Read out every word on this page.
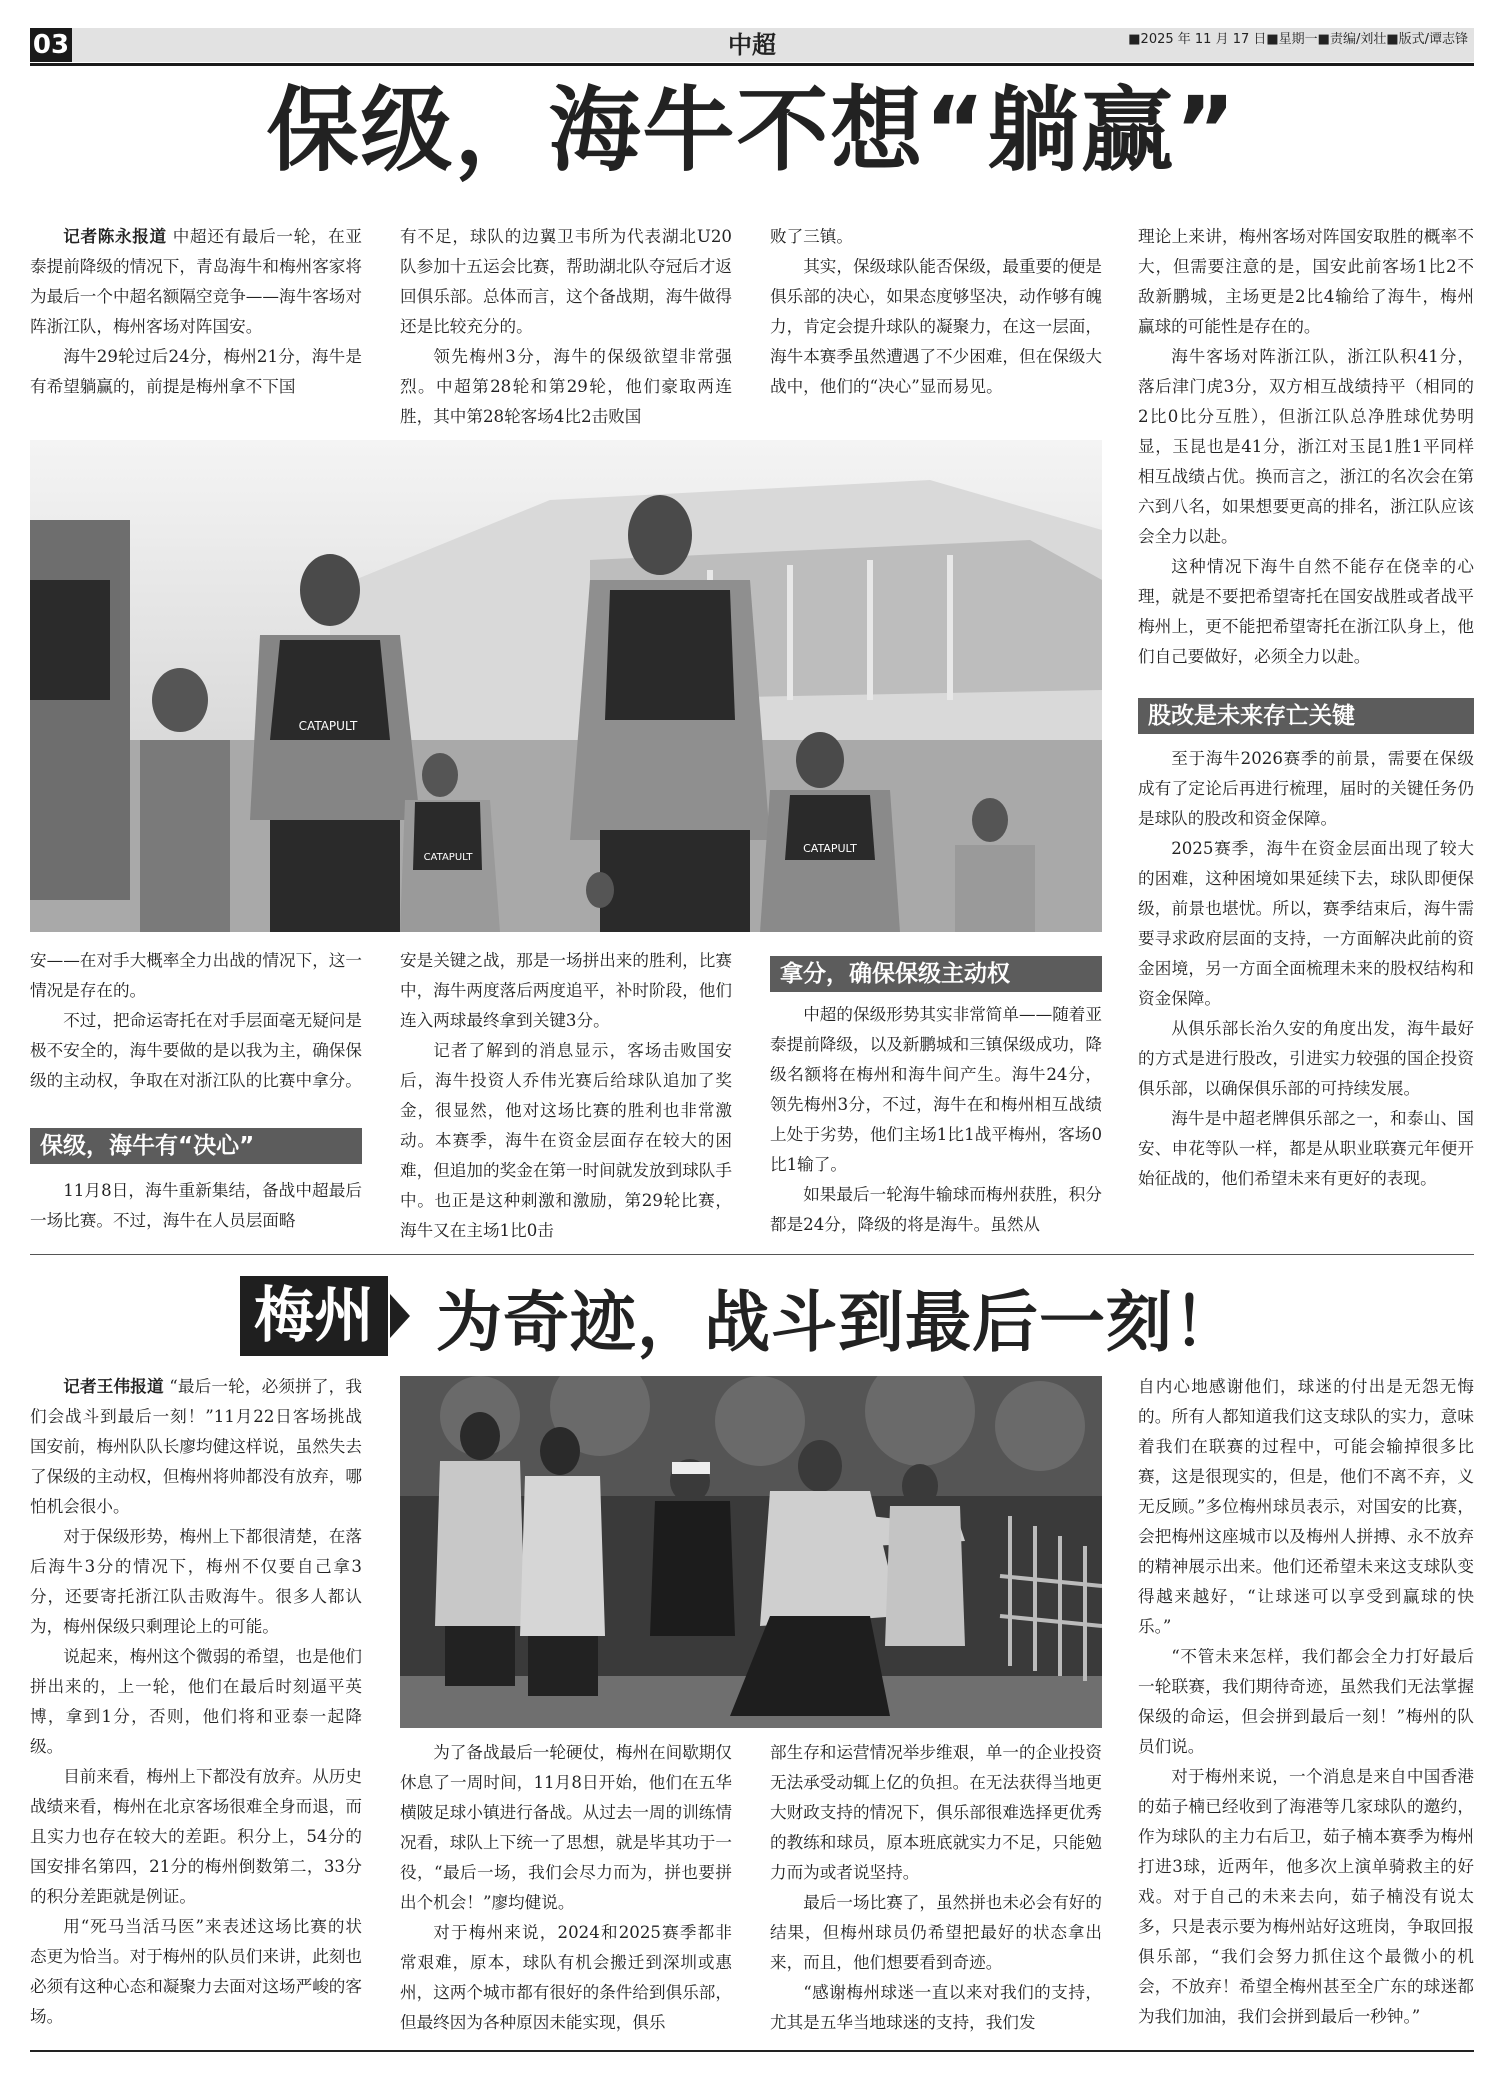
中超
03	■2025 年 11 月 17 日■星期一■责编/刘壮■版式/谭志锋
保级，海牛不想“躺赢”

记者陈永报道 中超还有最后一轮，在亚泰提前降级的情况下，青岛海牛和梅州客家将为最后一个中超名额隔空竞争——海牛客场对阵浙江队，梅州客场对阵国安。

海牛29轮过后24分，梅州21分，海牛是有希望躺赢的，前提是梅州拿不下国

有不足，球队的边翼卫韦所为代表湖北U20队参加十五运会比赛，帮助湖北队夺冠后才返回俱乐部。总体而言，这个备战期，海牛做得还是比较充分的。

领先梅州3分，海牛的保级欲望非常强烈。中超第28轮和第29轮，他们豪取两连胜，其中第28轮客场4比2击败国

败了三镇。

其实，保级球队能否保级，最重要的便是俱乐部的决心，如果态度够坚决，动作够有魄力，肯定会提升球队的凝聚力，在这一层面，海牛本赛季虽然遭遇了不少困难，但在保级大战中，他们的“决心”显而易见。

理论上来讲，梅州客场对阵国安取胜的概率不大，但需要注意的是，国安此前客场1比2不敌新鹏城，主场更是2比4输给了海牛，梅州赢球的可能性是存在的。

海牛客场对阵浙江队，浙江队积41分，落后津门虎3分，双方相互战绩持平（相同的2比0比分互胜），但浙江队总净胜球优势明显，玉昆也是41分，浙江对玉昆1胜1平同样相互战绩占优。换而言之，浙江的名次会在第六到八名，如果想要更高的排名，浙江队应该会全力以赴。

这种情况下海牛自然不能存在侥幸的心理，就是不要把希望寄托在国安战胜或者战平梅州上，更不能把希望寄托在浙江队身上，他们自己要做好，必须全力以赴。

股改是未来存亡关键

至于海牛2026赛季的前景，需要在保级成有了定论后再进行梳理，届时的关键任务仍是球队的股改和资金保障。

2025赛季，海牛在资金层面出现了较大的困难，这种困境如果延续下去，球队即便保级，前景也堪忧。所以，赛季结束后，海牛需要寻求政府层面的支持，一方面解决此前的资金困境，另一方面全面梳理未来的股权结构和资金保障。

从俱乐部长治久安的角度出发，海牛最好的方式是进行股改，引进实力较强的国企投资俱乐部，以确保俱乐部的可持续发展。

海牛是中超老牌俱乐部之一，和泰山、国安、申花等队一样，都是从职业联赛元年便开始征战的，他们希望未来有更好的表现。

CATAPULT
CATAPULT
CATAPULT

安——在对手大概率全力出战的情况下，这一情况是存在的。

不过，把命运寄托在对手层面毫无疑问是极不安全的，海牛要做的是以我为主，确保保级的主动权，争取在对浙江队的比赛中拿分。

保级，海牛有“决心”

11月8日，海牛重新集结，备战中超最后一场比赛。不过，海牛在人员层面略

安是关键之战，那是一场拼出来的胜利，比赛中，海牛两度落后两度追平，补时阶段，他们连入两球最终拿到关键3分。

记者了解到的消息显示，客场击败国安后，海牛投资人乔伟光赛后给球队追加了奖金，很显然，他对这场比赛的胜利也非常激动。本赛季，海牛在资金层面存在较大的困难，但追加的奖金在第一时间就发放到球队手中。也正是这种刺激和激励，第29轮比赛，海牛又在主场1比0击

拿分，确保保级主动权

中超的保级形势其实非常简单——随着亚泰提前降级，以及新鹏城和三镇保级成功，降级名额将在梅州和海牛间产生。海牛24分，领先梅州3分，不过，海牛在和梅州相互战绩上处于劣势，他们主场1比1战平梅州，客场0比1输了。

如果最后一轮海牛输球而梅州获胜，积分都是24分，降级的将是海牛。虽然从

梅州 为奇迹，战斗到最后一刻！

记者王伟报道 “最后一轮，必须拼了，我们会战斗到最后一刻！”11月22日客场挑战国安前，梅州队队长廖均健这样说，虽然失去了保级的主动权，但梅州将帅都没有放弃，哪怕机会很小。

对于保级形势，梅州上下都很清楚，在落后海牛3分的情况下，梅州不仅要自己拿3分，还要寄托浙江队击败海牛。很多人都认为，梅州保级只剩理论上的可能。

说起来，梅州这个微弱的希望，也是他们拼出来的，上一轮，他们在最后时刻逼平英博，拿到1分，否则，他们将和亚泰一起降级。

目前来看，梅州上下都没有放弃。从历史战绩来看，梅州在北京客场很难全身而退，而且实力也存在较大的差距。积分上，54分的国安排名第四，21分的梅州倒数第二，33分的积分差距就是例证。

用“死马当活马医”来表述这场比赛的状态更为恰当。对于梅州的队员们来讲，此刻也必须有这种心态和凝聚力去面对这场严峻的客场。

为了备战最后一轮硬仗，梅州在间歇期仅休息了一周时间，11月8日开始，他们在五华横陂足球小镇进行备战。从过去一周的训练情况看，球队上下统一了思想，就是毕其功于一役，“最后一场，我们会尽力而为，拼也要拼出个机会！”廖均健说。

对于梅州来说，2024和2025赛季都非常艰难，原本，球队有机会搬迁到深圳或惠州，这两个城市都有很好的条件给到俱乐部，但最终因为各种原因未能实现，俱乐

部生存和运营情况举步维艰，单一的企业投资无法承受动辄上亿的负担。在无法获得当地更大财政支持的情况下，俱乐部很难选择更优秀的教练和球员，原本班底就实力不足，只能勉力而为或者说坚持。

最后一场比赛了，虽然拼也未必会有好的结果，但梅州球员仍希望把最好的状态拿出来，而且，他们想要看到奇迹。

“感谢梅州球迷一直以来对我们的支持，尤其是五华当地球迷的支持，我们发

自内心地感谢他们，球迷的付出是无怨无悔的。所有人都知道我们这支球队的实力，意味着我们在联赛的过程中，可能会输掉很多比赛，这是很现实的，但是，他们不离不弃，义无反顾。”多位梅州球员表示，对国安的比赛，会把梅州这座城市以及梅州人拼搏、永不放弃的精神展示出来。他们还希望未来这支球队变得越来越好，“让球迷可以享受到赢球的快乐。”

“不管未来怎样，我们都会全力打好最后一轮联赛，我们期待奇迹，虽然我们无法掌握保级的命运，但会拼到最后一刻！”梅州的队员们说。

对于梅州来说，一个消息是来自中国香港的茹子楠已经收到了海港等几家球队的邀约，作为球队的主力右后卫，茹子楠本赛季为梅州打进3球，近两年，他多次上演单骑救主的好戏。对于自己的未来去向，茹子楠没有说太多，只是表示要为梅州站好这班岗，争取回报俱乐部，“我们会努力抓住这个最微小的机会，不放弃！希望全梅州甚至全广东的球迷都为我们加油，我们会拼到最后一秒钟。”
